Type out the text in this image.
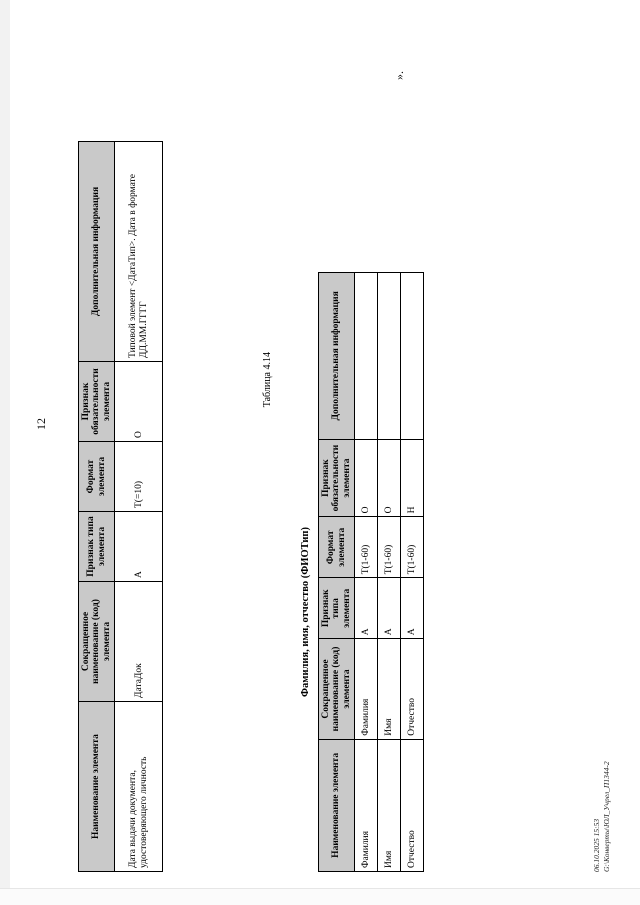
12
Наименование элемента	Сокращенное наименование (код) элемента	Признак типа элемента	Формат элемента	Признак обязательности элемента	Дополнительная информация
Дата выдачи документа, удостоверяющего личность	ДатаДок	А	T(=10)	О	Типовой элемент <ДатаТип>. Дата в формате ДД.ММ.ГГГГ
Таблица 4.14
Фамилия, имя, отчество (ФИОТип)
Наименование элемента	Сокращенное наименование (код) элемента	Признак типа элемента	Формат элемента	Признак обязательности элемента	Дополнительная информация
Фамилия	Фамилия	А	T(1-60)	О	
Имя	Имя	А	T(1-60)	О	
Отчество	Отчество	А	T(1-60)	Н	
».
06.10.2025 15:53 G:\Конверты\ЮЛ_Учрел_П1344-2
